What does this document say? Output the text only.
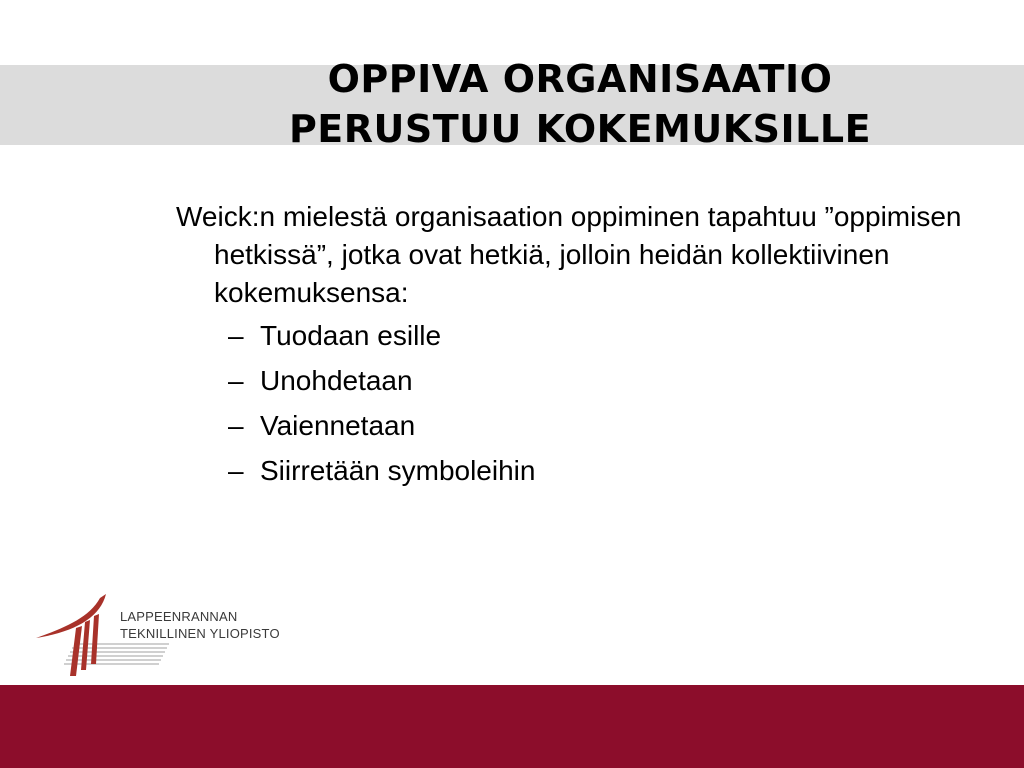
OPPIVA ORGANISAATIO
PERUSTUU KOKEMUKSILLE

Weick:n mielestä organisaation oppiminen tapahtuu ”oppimisen hetkissä”, jotka ovat hetkiä, jolloin heidän kollektiivinen kokemuksensa:

– Tuodaan esille
– Unohdetaan
– Vaiennetaan
– Siirretään symboleihin
LAPPEENRANNAN
TEKNILLINEN YLIOPISTO
